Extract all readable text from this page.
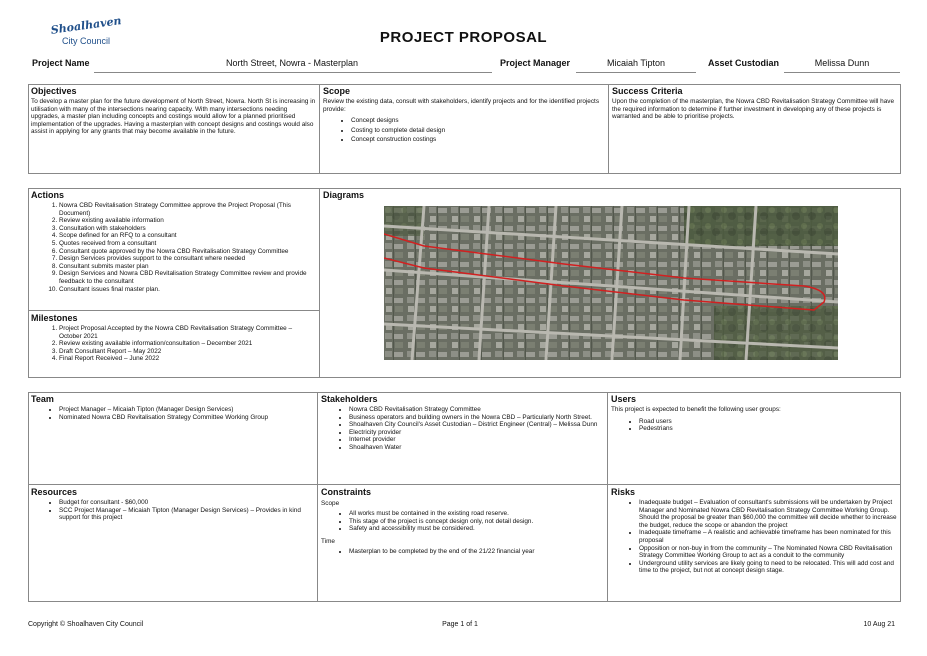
Shoalhaven
City Council	PROJECT PROPOSAL
Project Name	North Street, Nowra - Masterplan	Project Manager	Micaiah Tipton	Asset Custodian	Melissa Dunn
Objectives

To develop a master plan for the future development of North Street, Nowra. North St is increasing in utilisation with many of the intersections nearing capacity. With many intersections needing upgrades, a master plan including concepts and costings would allow for a planned prioritised implementation of the upgrades. Having a masterplan with concept designs and costings would also assist in applying for any grants that may become available in the future.

Scope

Review the existing data, consult with stakeholders, identify projects and for the identified projects provide:

• Concept designs
• Costing to complete detail design
• Concept construction costings
Success Criteria

Upon the completion of the masterplan, the Nowra CBD Revitalisation Strategy Committee will have the required information to determine if further investment in developing any of these projects is warranted and be able to prioritise projects.

Actions
1. Nowra CBD Revitalisation Strategy Committee approve the Project Proposal (This Document)
2. Review existing available information
3. Consultation with stakeholders
4. Scope defined for an RFQ to a consultant
5. Quotes received from a consultant
6. Consultant quote approved by the Nowra CBD Revitalisation Strategy Committee
7. Design Services provides support to the consultant where needed
8. Consultant submits master plan
9. Design Services and Nowra CBD Revitalisation Strategy Committee review and provide feedback to the consultant
10. Consultant issues final master plan.
Milestones
1. Project Proposal Accepted by the Nowra CBD Revitalisation Strategy Committee – October 2021
2. Review existing available information/consultation – December 2021
3. Draft Consultant Report – May 2022
4. Final Report Received – June 2022
Diagrams
Team
• Project Manager – Micaiah Tipton (Manager Design Services)
• Nominated Nowra CBD Revitalisation Strategy Committee Working Group
Stakeholders
• Nowra CBD Revitalisation Strategy Committee
• Business operators and building owners in the Nowra CBD – Particularly North Street.
• Shoalhaven City Council's Asset Custodian – District Engineer (Central) – Melissa Dunn
• Electricity provider
• Internet provider
• Shoalhaven Water
Users

This project is expected to benefit the following user groups:

• Road users
• Pedestrians
Resources
• Budget for consultant - $60,000
• SCC Project Manager – Micaiah Tipton (Manager Design Services) – Provides in kind support for this project
Constraints
Scope
• All works must be contained in the existing road reserve.
• This stage of the project is concept design only, not detail design.
• Safety and accessibility must be considered.
Time
• Masterplan to be completed by the end of the 21/22 financial year
Risks
• Inadequate budget – Evaluation of consultant's submissions will be undertaken by Project Manager and Nominated Nowra CBD Revitalisation Strategy Committee Working Group. Should the proposal be greater than $60,000 the committee will decide whether to increase the budget, reduce the scope or abandon the project
• Inadequate timeframe – A realistic and achievable timeframe has been nominated for this proposal
• Opposition or non-buy in from the community – The Nominated Nowra CBD Revitalisation Strategy Committee Working Group to act as a conduit to the community
• Underground utility services are likely going to need to be relocated. This will add cost and time to the project, but not at concept design stage.
Copyright © Shoalhaven City Council	Page 1 of 1	10 Aug 21
